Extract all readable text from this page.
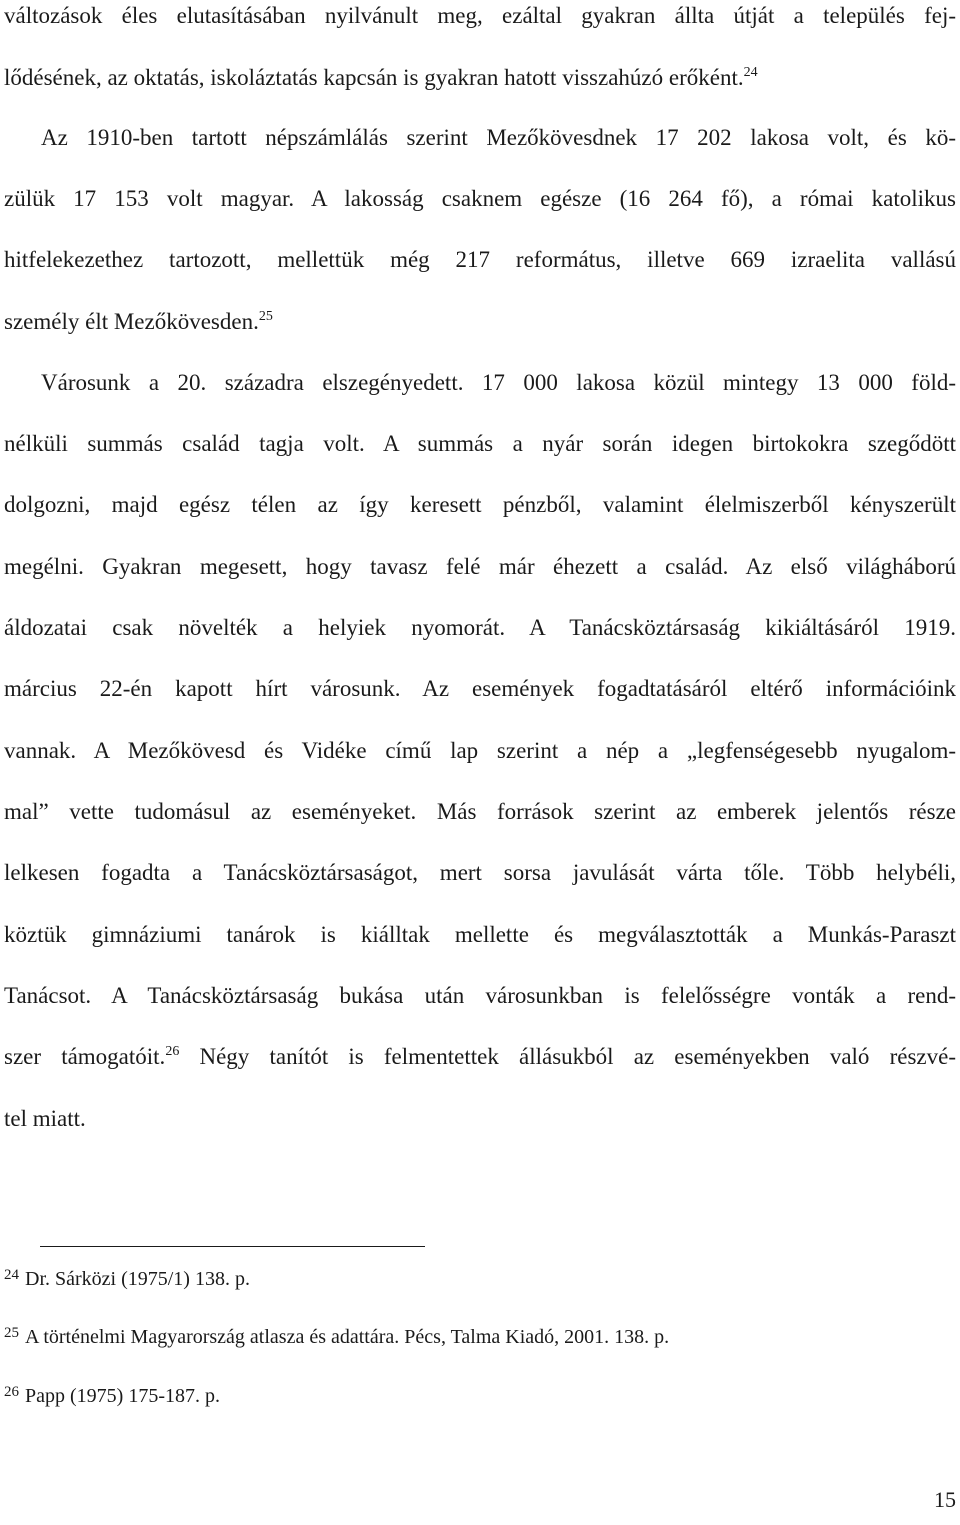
változások éles elutasításában nyilvánult meg, ezáltal gyakran állta útját a település fej-
lődésének, az oktatás, iskoláztatás kapcsán is gyakran hatott visszahúzó erőként.$^{24}$
Az 1910-ben tartott népszámlálás szerint Mezőkövesdnek 17 202 lakosa volt, és kö-
zülük 17 153 volt magyar. A lakosság csaknem egésze (16 264 fő), a római katolikus
hitfelekezethez tartozott, mellettük még 217 református, illetve 669 izraelita vallású
személy élt Mezőkövesden.$^{25}$
Városunk a 20. századra elszegényedett. 17 000 lakosa közül mintegy 13 000 föld-
nélküli summás család tagja volt. A summás a nyár során idegen birtokokra szegődött
dolgozni, majd egész télen az így keresett pénzből, valamint élelmiszerből kényszerült
megélni. Gyakran megesett, hogy tavasz felé már éhezett a család. Az első világháború
áldozatai csak növelték a helyiek nyomorát. A Tanácsköztársaság kikiáltásáról 1919.
március 22-én kapott hírt városunk. Az események fogadtatásáról eltérő információink
vannak. A Mezőkövesd és Vidéke című lap szerint a nép a „legfenségesebb nyugalom-
mal” vette tudomásul az eseményeket. Más források szerint az emberek jelentős része
lelkesen fogadta a Tanácsköztársaságot, mert sorsa javulását várta tőle. Több helybéli,
köztük gimnáziumi tanárok is kiálltak mellette és megválasztották a Munkás-Paraszt
Tanácsot. A Tanácsköztársaság bukása után városunkban is felelősségre vonták a rend-
szer támogatóit.$^{26}$ Négy tanítót is felmentettek állásukból az eseményekben való részvé-
tel miatt.
$^{24}$ Dr. Sárközi (1975/1) 138. p.
$^{25}$ A történelmi Magyarország atlasza és adattára. Pécs, Talma Kiadó, 2001. 138. p.
$^{26}$ Papp (1975) 175-187. p.
15
